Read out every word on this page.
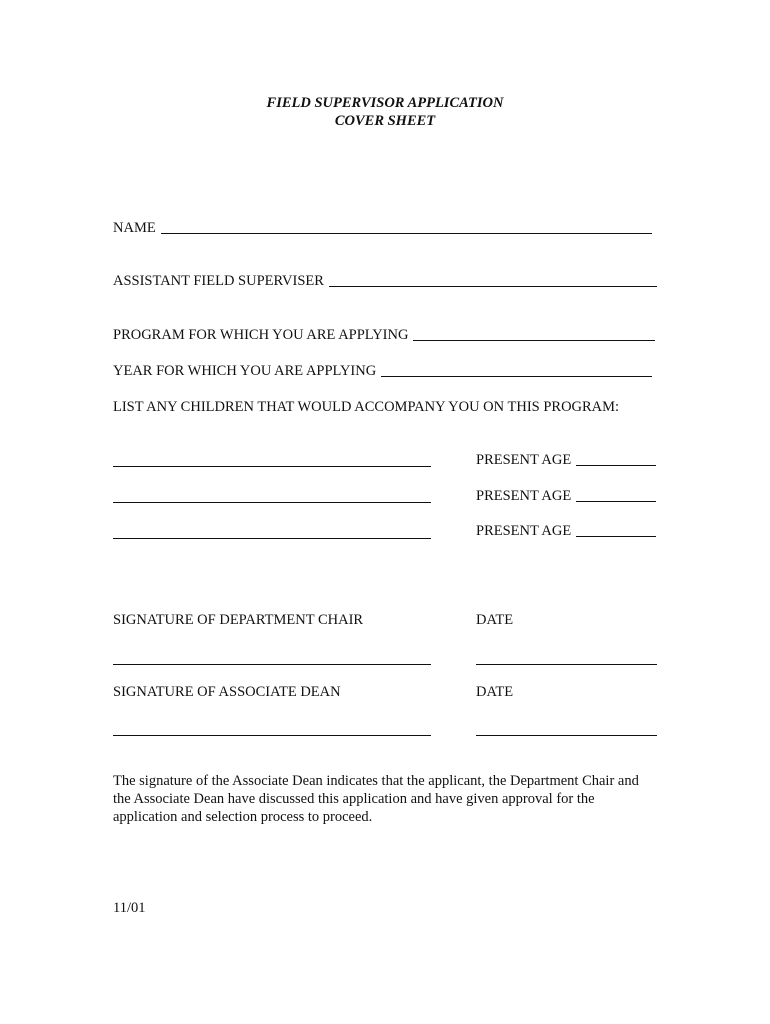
FIELD SUPERVISOR APPLICATION
COVER SHEET
NAME
ASSISTANT FIELD SUPERVISER
PROGRAM FOR WHICH YOU ARE APPLYING
YEAR FOR WHICH YOU ARE APPLYING
LIST ANY CHILDREN THAT WOULD ACCOMPANY YOU ON THIS PROGRAM:
PRESENT AGE
PRESENT AGE
PRESENT AGE
SIGNATURE OF DEPARTMENT CHAIR	DATE
SIGNATURE OF ASSOCIATE DEAN	DATE
The signature of the Associate Dean indicates that the applicant, the Department Chair and the Associate Dean have discussed this application and have given approval for the application and selection process to proceed.
11/01
